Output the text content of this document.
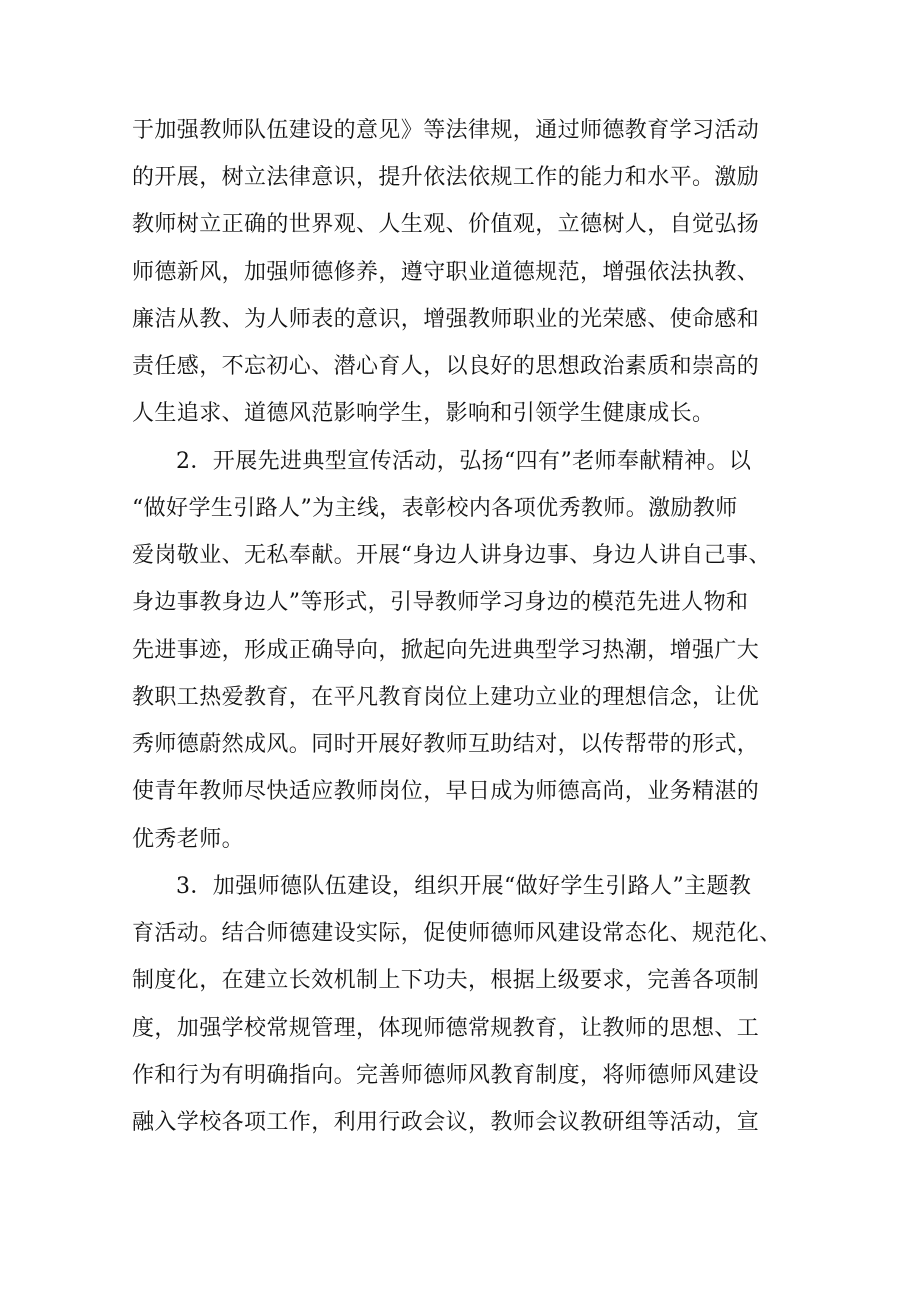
于加强教师队伍建设的意见》等法律规，通过师德教育学习活动
的开展，树立法律意识，提升依法依规工作的能力和水平。激励
教师树立正确的世界观、人生观、价值观，立德树人，自觉弘扬
师德新风，加强师德修养，遵守职业道德规范，增强依法执教、
廉洁从教、为人师表的意识，增强教师职业的光荣感、使命感和
责任感，不忘初心、潜心育人，以良好的思想政治素质和崇高的
人生追求、道德风范影响学生，影响和引领学生健康成长。
2．开展先进典型宣传活动，弘扬“四有”老师奉献精神。以
“做好学生引路人”为主线，表彰校内各项优秀教师。激励教师
爱岗敬业、无私奉献。开展“身边人讲身边事、身边人讲自己事、
身边事教身边人”等形式，引导教师学习身边的模范先进人物和
先进事迹，形成正确导向，掀起向先进典型学习热潮，增强广大
教职工热爱教育，在平凡教育岗位上建功立业的理想信念，让优
秀师德蔚然成风。同时开展好教师互助结对，以传帮带的形式，
使青年教师尽快适应教师岗位，早日成为师德高尚，业务精湛的
优秀老师。
3．加强师德队伍建设，组织开展“做好学生引路人”主题教
育活动。结合师德建设实际，促使师德师风建设常态化、规范化、
制度化，在建立长效机制上下功夫，根据上级要求，完善各项制
度，加强学校常规管理，体现师德常规教育，让教师的思想、工
作和行为有明确指向。完善师德师风教育制度，将师德师风建设
融入学校各项工作，利用行政会议，教师会议教研组等活动，宣
